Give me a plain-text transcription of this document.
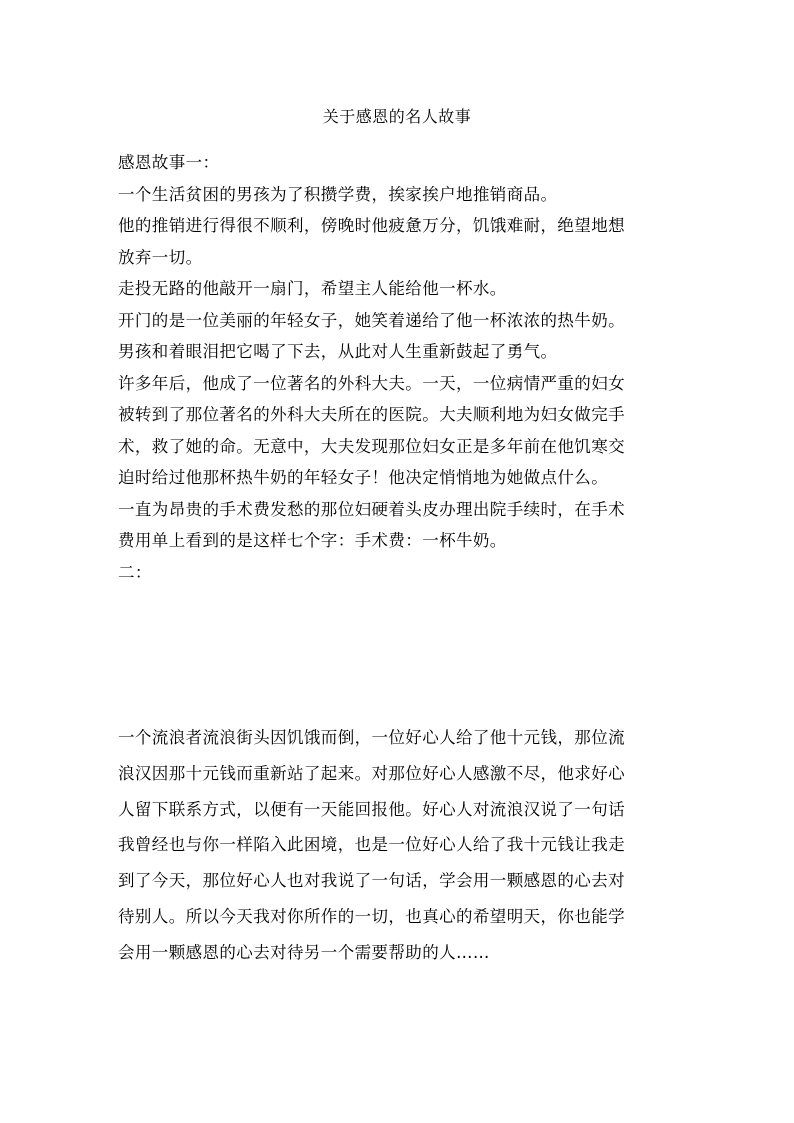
关于感恩的名人故事
感恩故事一：
一个生活贫困的男孩为了积攒学费，挨家挨户地推销商品。
他的推销进行得很不顺利，傍晚时他疲惫万分，饥饿难耐，绝望地想
放弃一切。
走投无路的他敲开一扇门，希望主人能给他一杯水。
开门的是一位美丽的年轻女子，她笑着递给了他一杯浓浓的热牛奶。
男孩和着眼泪把它喝了下去，从此对人生重新鼓起了勇气。
许多年后，他成了一位著名的外科大夫。一天，一位病情严重的妇女
被转到了那位著名的外科大夫所在的医院。大夫顺利地为妇女做完手
术，救了她的命。无意中，大夫发现那位妇女正是多年前在他饥寒交
迫时给过他那杯热牛奶的年轻女子！他决定悄悄地为她做点什么。
一直为昂贵的手术费发愁的那位妇硬着头皮办理出院手续时，在手术
费用单上看到的是这样七个字：手术费：一杯牛奶。
二：
一个流浪者流浪街头因饥饿而倒，一位好心人给了他十元钱，那位流
浪汉因那十元钱而重新站了起来。对那位好心人感激不尽，他求好心
人留下联系方式，以便有一天能回报他。好心人对流浪汉说了一句话
我曾经也与你一样陷入此困境，也是一位好心人给了我十元钱让我走
到了今天，那位好心人也对我说了一句话，学会用一颗感恩的心去对
待别人。所以今天我对你所作的一切，也真心的希望明天，你也能学
会用一颗感恩的心去对待另一个需要帮助的人……
